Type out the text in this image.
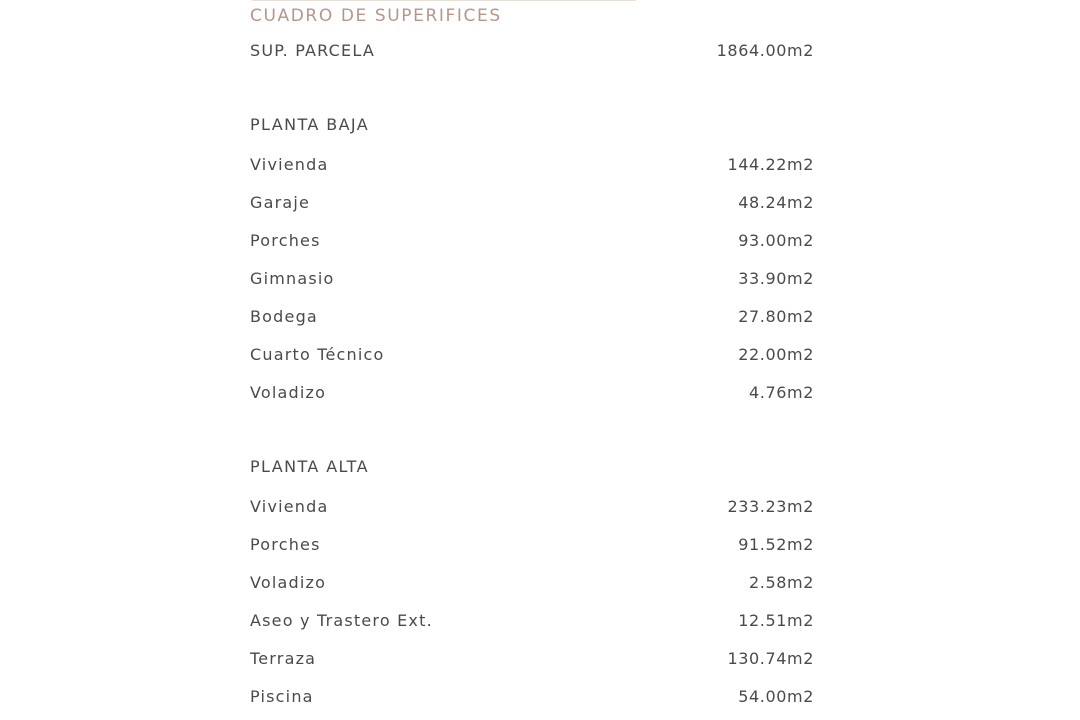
CUADRO DE SUPERIFICES
SUP. PARCELA	1864.00m2
PLANTA BAJA
Vivienda	144.22m2
Garaje	48.24m2
Porches	93.00m2
Gimnasio	33.90m2
Bodega	27.80m2
Cuarto Técnico	22.00m2
Voladizo	4.76m2
PLANTA ALTA
Vivienda	233.23m2
Porches	91.52m2
Voladizo	2.58m2
Aseo y Trastero Ext.	12.51m2
Terraza	130.74m2
Piscina	54.00m2
